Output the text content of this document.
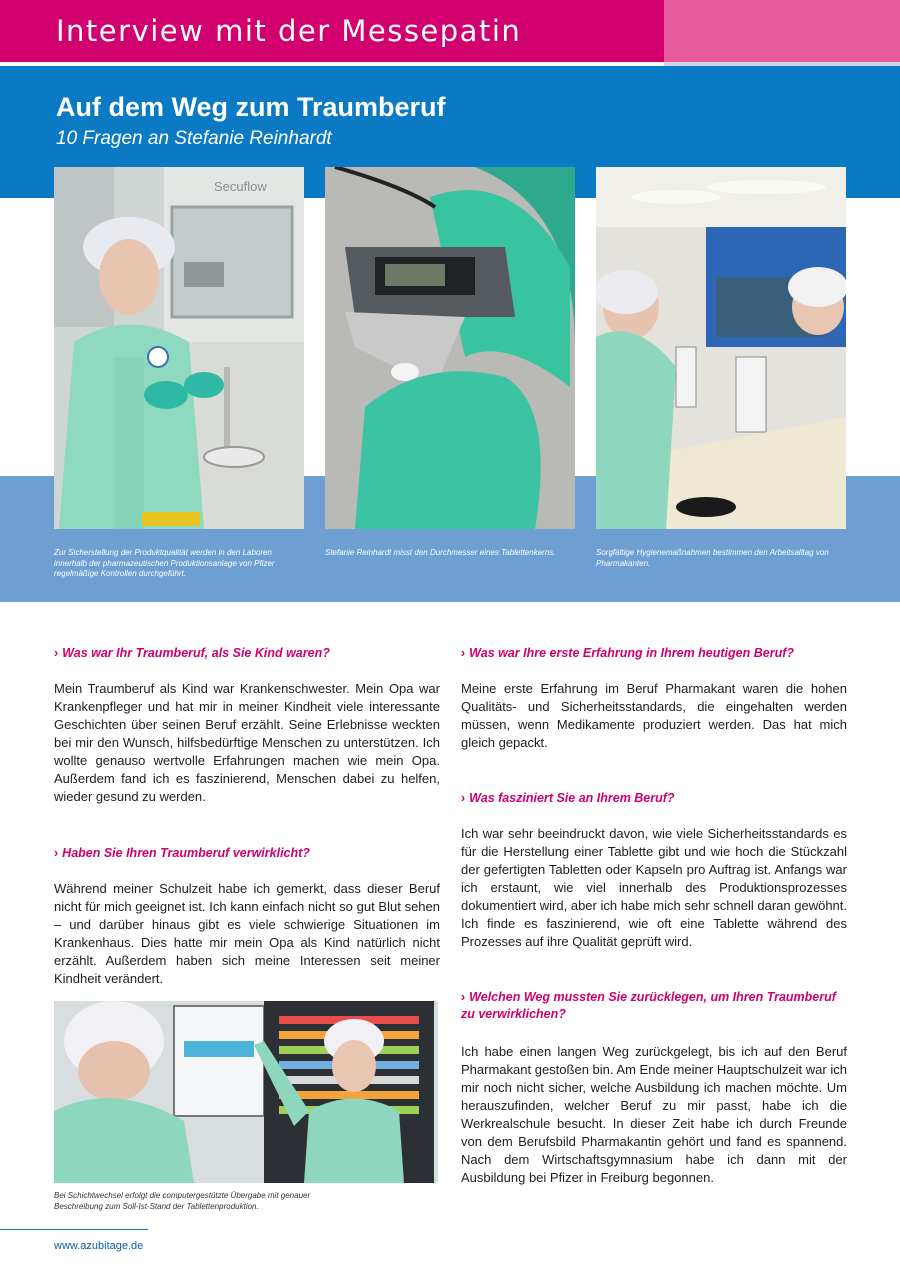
Interview mit der Messepatin
Auf dem Weg zum Traumberuf
10 Fragen an Stefanie Reinhardt
Secuflow
Zur Sicherstellung der Produktqualität werden in den Laboren innerhalb der pharmazeutischen Produktionsanlage von Pfizer regelmäßige Kontrollen durchgeführt.
Stefanie Reinhardt misst den Durchmesser eines Tablettenkerns.	Sorgfältige Hygienemaßnahmen bestimmen den Arbeitsalltag von Pharmakanten.
› Was war Ihr Traumberuf, als Sie Kind waren?

Mein Traumberuf als Kind war Krankenschwester. Mein Opa war Krankenpfleger und hat mir in meiner Kindheit viele interessante Geschichten über seinen Beruf erzählt. Seine Erlebnisse weckten bei mir den Wunsch, hilfsbedürftige Menschen zu unterstützen. Ich wollte genauso wertvolle Erfahrungen machen wie mein Opa. Außerdem fand ich es faszinierend, Menschen dabei zu helfen, wieder gesund zu werden.

› Haben Sie Ihren Traumberuf verwirklicht?

Während meiner Schulzeit habe ich gemerkt, dass dieser Beruf nicht für mich geeignet ist. Ich kann einfach nicht so gut Blut sehen – und darüber hinaus gibt es viele schwierige Situationen im Krankenhaus. Dies hatte mir mein Opa als Kind natürlich nicht erzählt. Außerdem haben sich meine Interessen seit meiner Kindheit verändert.

Bei Schichtwechsel erfolgt die computergestützte Übergabe mit genauer Beschreibung zum Soll-Ist-Stand der Tablettenproduktion.
› Was war Ihre erste Erfahrung in Ihrem heutigen Beruf?

Meine erste Erfahrung im Beruf Pharmakant waren die hohen Qualitäts- und Sicherheitsstandards, die eingehalten werden müssen, wenn Medikamente produziert werden. Das hat mich gleich gepackt.

› Was fasziniert Sie an Ihrem Beruf?

Ich war sehr beeindruckt davon, wie viele Sicherheitsstandards es für die Herstellung einer Tablette gibt und wie hoch die Stückzahl der gefertigten Tabletten oder Kapseln pro Auftrag ist. Anfangs war ich erstaunt, wie viel innerhalb des Produktionsprozesses dokumentiert wird, aber ich habe mich sehr schnell daran gewöhnt. Ich finde es faszinierend, wie oft eine Tablette während des Prozesses auf ihre Qualität geprüft wird.

› Welchen Weg mussten Sie zurücklegen, um Ihren Traumberuf zu verwirklichen?

Ich habe einen langen Weg zurückgelegt, bis ich auf den Beruf Pharmakant gestoßen bin. Am Ende meiner Hauptschulzeit war ich mir noch nicht sicher, welche Ausbildung ich machen möchte. Um herauszufinden, welcher Beruf zu mir passt, habe ich die Werkrealschule besucht. In dieser Zeit habe ich durch Freunde von dem Berufsbild Pharmakantin gehört und fand es spannend. Nach dem Wirtschaftsgymnasium habe ich dann mit der Ausbildung bei Pfizer in Freiburg begonnen.

www.azubitage.de
